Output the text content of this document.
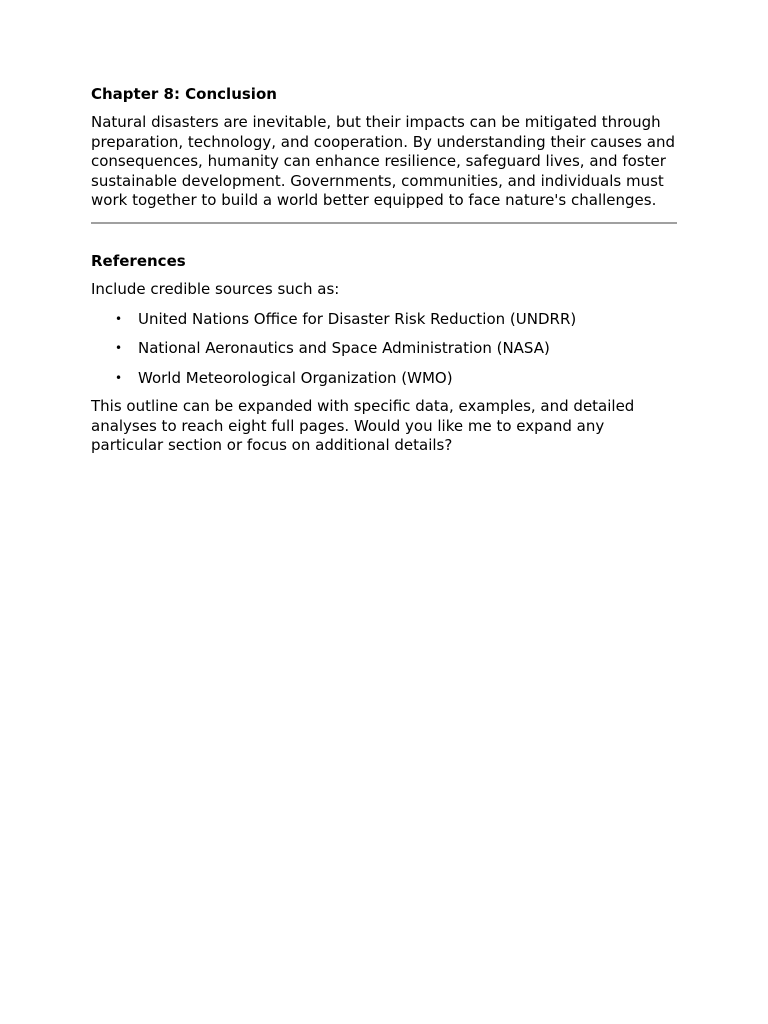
Chapter 8: Conclusion

Natural disasters are inevitable, but their impacts can be mitigated through preparation, technology, and cooperation. By understanding their causes and consequences, humanity can enhance resilience, safeguard lives, and foster sustainable development. Governments, communities, and individuals must work together to build a world better equipped to face nature's challenges.

References

Include credible sources such as:

• United Nations Office for Disaster Risk Reduction (UNDRR)
• National Aeronautics and Space Administration (NASA)
• World Meteorological Organization (WMO)

This outline can be expanded with specific data, examples, and detailed analyses to reach eight full pages. Would you like me to expand any particular section or focus on additional details?
